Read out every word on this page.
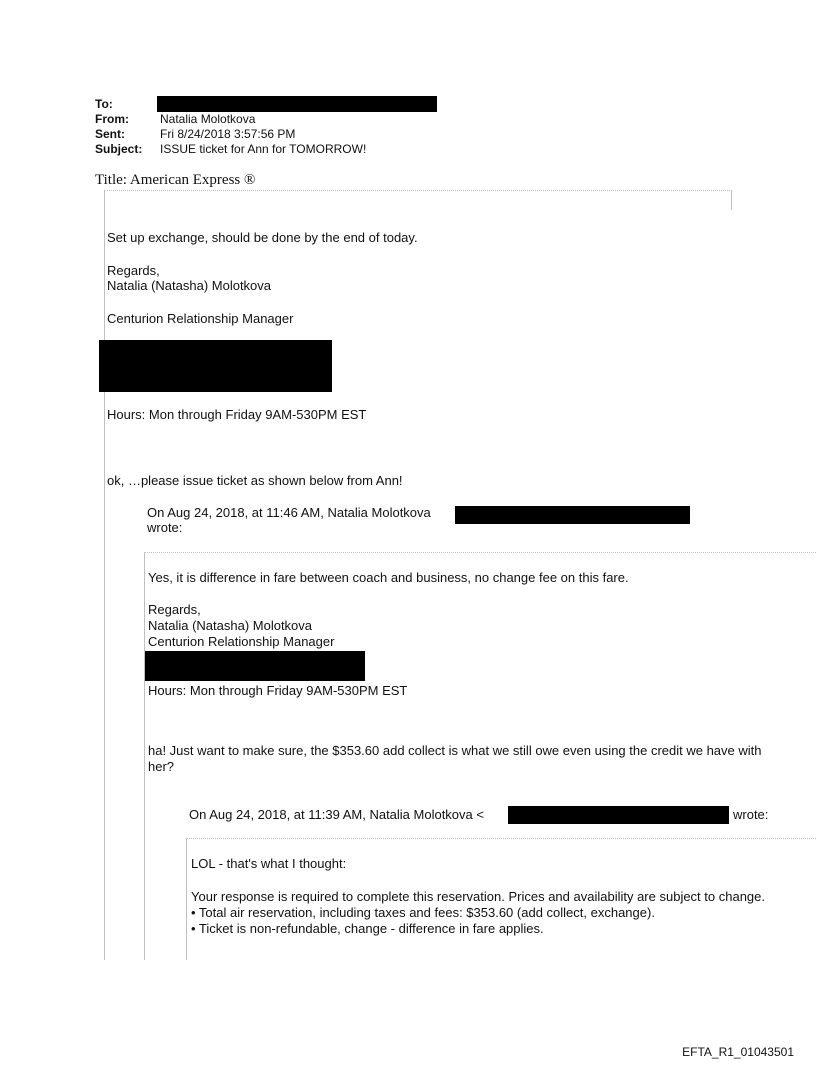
To:
From:	Natalia Molotkova
Sent:	Fri 8/24/2018 3:57:56 PM
Subject: ISSUE ticket for Ann for TOMORROW!
Title: American Express ®
Set up exchange, should be done by the end of today.
Regards,
Natalia (Natasha) Molotkova
Centurion Relationship Manager
Hours: Mon through Friday 9AM-530PM EST
ok, …please issue ticket as shown below from Ann!
On Aug 24, 2018, at 11:46 AM, Natalia Molotkova
wrote:
Yes, it is difference in fare between coach and business, no change fee on this fare.
Regards,
Natalia (Natasha) Molotkova
Centurion Relationship Manager
Hours: Mon through Friday 9AM-530PM EST
ha! Just want to make sure, the $353.60 add collect is what we still owe even using the credit we have with
her?
On Aug 24, 2018, at 11:39 AM, Natalia Molotkova <	wrote:
LOL - that's what I thought:
Your response is required to complete this reservation. Prices and availability are subject to change.
• Total air reservation, including taxes and fees: $353.60 (add collect, exchange).
• Ticket is non-refundable, change - difference in fare applies.
EFTA_R1_01043501
